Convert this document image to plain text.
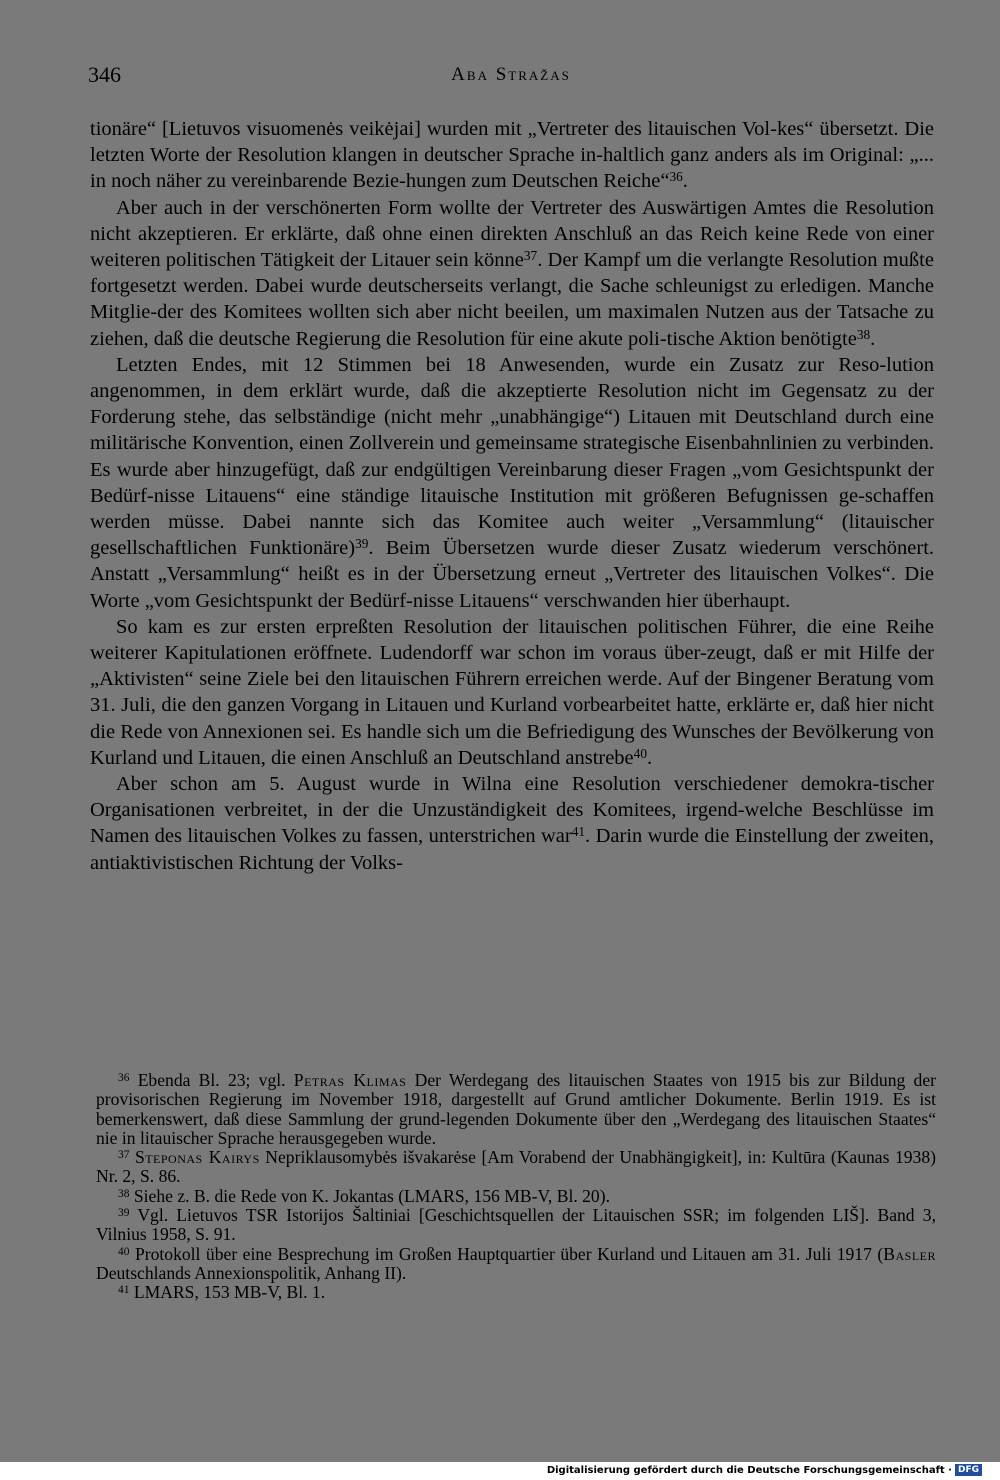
346	Aba Stražas

tionäre“ [Lietuvos visuomenės veikėjai] wurden mit „Vertreter des litauischen Vol-kes“ übersetzt. Die letzten Worte der Resolution klangen in deutscher Sprache in-haltlich ganz anders als im Original: „... in noch näher zu vereinbarende Bezie-hungen zum Deutschen Reiche“$^{36}$.

Aber auch in der verschönerten Form wollte der Vertreter des Auswärtigen Amtes die Resolution nicht akzeptieren. Er erklärte, daß ohne einen direkten Anschluß an das Reich keine Rede von einer weiteren politischen Tätigkeit der Litauer sein könne$^{37}$. Der Kampf um die verlangte Resolution mußte fortgesetzt werden. Dabei wurde deutscherseits verlangt, die Sache schleunigst zu erledigen. Manche Mitglie-der des Komitees wollten sich aber nicht beeilen, um maximalen Nutzen aus der Tatsache zu ziehen, daß die deutsche Regierung die Resolution für eine akute poli-tische Aktion benötigte$^{38}$.

Letzten Endes, mit 12 Stimmen bei 18 Anwesenden, wurde ein Zusatz zur Reso-lution angenommen, in dem erklärt wurde, daß die akzeptierte Resolution nicht im Gegensatz zu der Forderung stehe, das selbständige (nicht mehr „unabhängige“) Litauen mit Deutschland durch eine militärische Konvention, einen Zollverein und gemeinsame strategische Eisenbahnlinien zu verbinden. Es wurde aber hinzugefügt, daß zur endgültigen Vereinbarung dieser Fragen „vom Gesichtspunkt der Bedürf-nisse Litauens“ eine ständige litauische Institution mit größeren Befugnissen ge-schaffen werden müsse. Dabei nannte sich das Komitee auch weiter „Versammlung“ (litauischer gesellschaftlichen Funktionäre)$^{39}$. Beim Übersetzen wurde dieser Zusatz wiederum verschönert. Anstatt „Versammlung“ heißt es in der Übersetzung erneut „Vertreter des litauischen Volkes“. Die Worte „vom Gesichtspunkt der Bedürf-nisse Litauens“ verschwanden hier überhaupt.

So kam es zur ersten erpreßten Resolution der litauischen politischen Führer, die eine Reihe weiterer Kapitulationen eröffnete. Ludendorff war schon im voraus über-zeugt, daß er mit Hilfe der „Aktivisten“ seine Ziele bei den litauischen Führern erreichen werde. Auf der Bingener Beratung vom 31. Juli, die den ganzen Vorgang in Litauen und Kurland vorbearbeitet hatte, erklärte er, daß hier nicht die Rede von Annexionen sei. Es handle sich um die Befriedigung des Wunsches der Bevölkerung von Kurland und Litauen, die einen Anschluß an Deutschland anstrebe$^{40}$.

Aber schon am 5. August wurde in Wilna eine Resolution verschiedener demokra-tischer Organisationen verbreitet, in der die Unzuständigkeit des Komitees, irgend-welche Beschlüsse im Namen des litauischen Volkes zu fassen, unterstrichen war$^{41}$. Darin wurde die Einstellung der zweiten, antiaktivistischen Richtung der Volks-

$^{36}$ Ebenda Bl. 23; vgl. Petras Klimas Der Werdegang des litauischen Staates von 1915 bis zur Bildung der provisorischen Regierung im November 1918, dargestellt auf Grund amtlicher Dokumente. Berlin 1919. Es ist bemerkenswert, daß diese Sammlung der grund-legenden Dokumente über den „Werdegang des litauischen Staates“ nie in litauischer Sprache herausgegeben wurde.

$^{37}$ Steponas Kairys Nepriklausomybės išvakarėse [Am Vorabend der Unabhängigkeit], in: Kultūra (Kaunas 1938) Nr. 2, S. 86.

$^{38}$ Siehe z. B. die Rede von K. Jokantas (LMARS, 156 MB-V, Bl. 20).

$^{39}$ Vgl. Lietuvos TSR Istorijos Šaltiniai [Geschichtsquellen der Litauischen SSR; im folgenden LIŠ]. Band 3, Vilnius 1958, S. 91.

$^{40}$ Protokoll über eine Besprechung im Großen Hauptquartier über Kurland und Litauen am 31. Juli 1917 (Basler Deutschlands Annexionspolitik, Anhang II).

$^{41}$ LMARS, 153 MB-V, Bl. 1.

Digitalisierung gefördert durch die Deutsche Forschungsgemeinschaft · DFG
